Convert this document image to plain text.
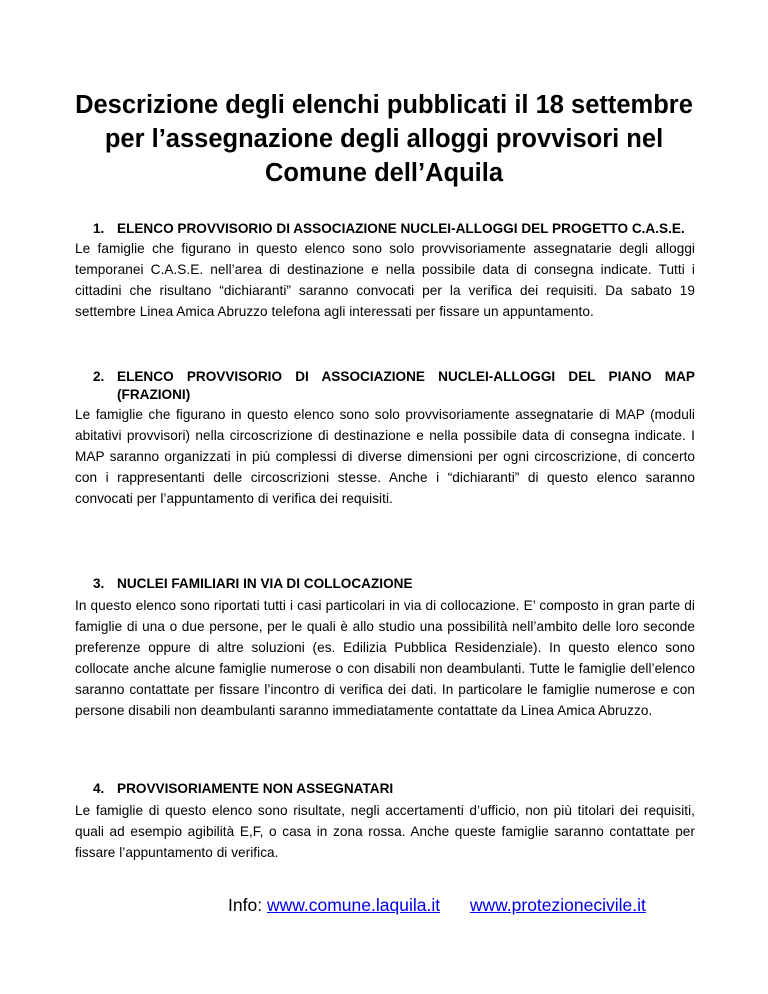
Descrizione degli elenchi pubblicati il 18 settembre per l’assegnazione degli alloggi provvisori nel Comune dell’Aquila
1. ELENCO PROVVISORIO DI ASSOCIAZIONE NUCLEI-ALLOGGI DEL PROGETTO C.A.S.E.

Le famiglie che figurano in questo elenco sono solo provvisoriamente assegnatarie degli alloggi temporanei C.A.S.E. nell’area di destinazione e nella possibile data di consegna indicate. Tutti i cittadini che risultano “dichiaranti” saranno convocati per la verifica dei requisiti. Da sabato 19 settembre Linea Amica Abruzzo telefona agli interessati per fissare un appuntamento.

2. ELENCO PROVVISORIO DI ASSOCIAZIONE NUCLEI-ALLOGGI DEL PIANO MAP (FRAZIONI)

Le famiglie che figurano in questo elenco sono solo provvisoriamente assegnatarie di MAP (moduli abitativi provvisori) nella circoscrizione di destinazione e nella possibile data di consegna indicate. I MAP saranno organizzati in più complessi di diverse dimensioni per ogni circoscrizione, di concerto con i rappresentanti delle circoscrizioni stesse. Anche i “dichiaranti” di questo elenco saranno convocati per l’appuntamento di verifica dei requisiti.

3. NUCLEI FAMILIARI IN VIA DI COLLOCAZIONE

In questo elenco sono riportati tutti i casi particolari in via di collocazione. E’ composto in gran parte di famiglie di una o due persone, per le quali è allo studio una possibilità nell’ambito delle loro seconde preferenze oppure di altre soluzioni (es. Edilizia Pubblica Residenziale). In questo elenco sono collocate anche alcune famiglie numerose o con disabili non deambulanti. Tutte le famiglie dell’elenco saranno contattate per fissare l’incontro di verifica dei dati. In particolare le famiglie numerose e con persone disabili non deambulanti saranno immediatamente contattate da Linea Amica Abruzzo.

4. PROVVISORIAMENTE NON ASSEGNATARI

Le famiglie di questo elenco sono risultate, negli accertamenti d’ufficio, non più titolari dei requisiti, quali ad esempio agibilità E,F, o casa in zona rossa. Anche queste famiglie saranno contattate per fissare l’appuntamento di verifica.

Info: www.comune.laquila.it www.protezionecivile.it
